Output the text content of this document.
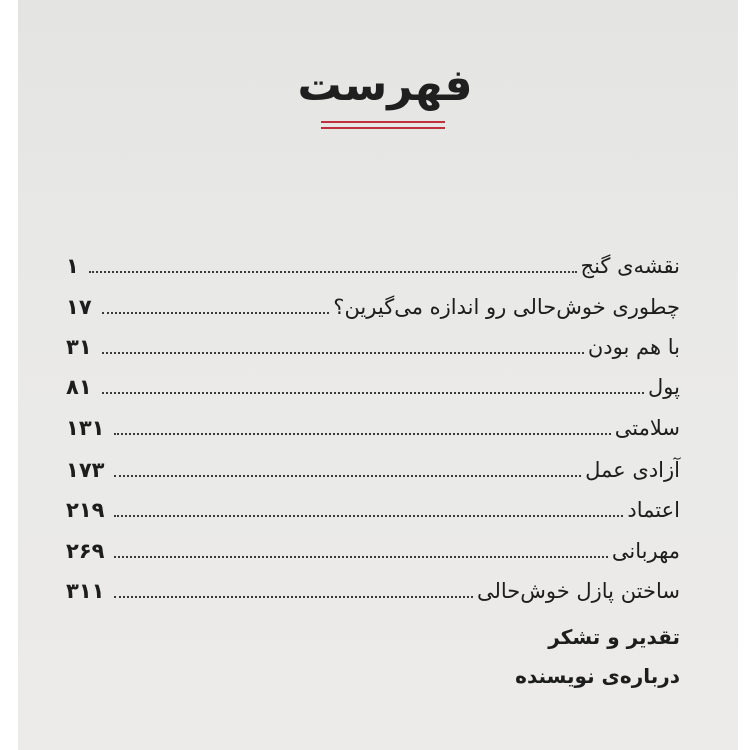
فهرست
نقشه‌ی گنج
۱
چطوری خوش‌حالی رو اندازه می‌گیرین؟
۱۷
با هم بودن
۳۱
پول
۸۱
سلامتی
۱۳۱
آزادی عمل
۱۷۳
اعتماد
۲۱۹
مهربانی
۲۶۹
ساختن پازل خوش‌حالی
۳۱۱
تقدیر و تشکر
درباره‌ی نویسنده
